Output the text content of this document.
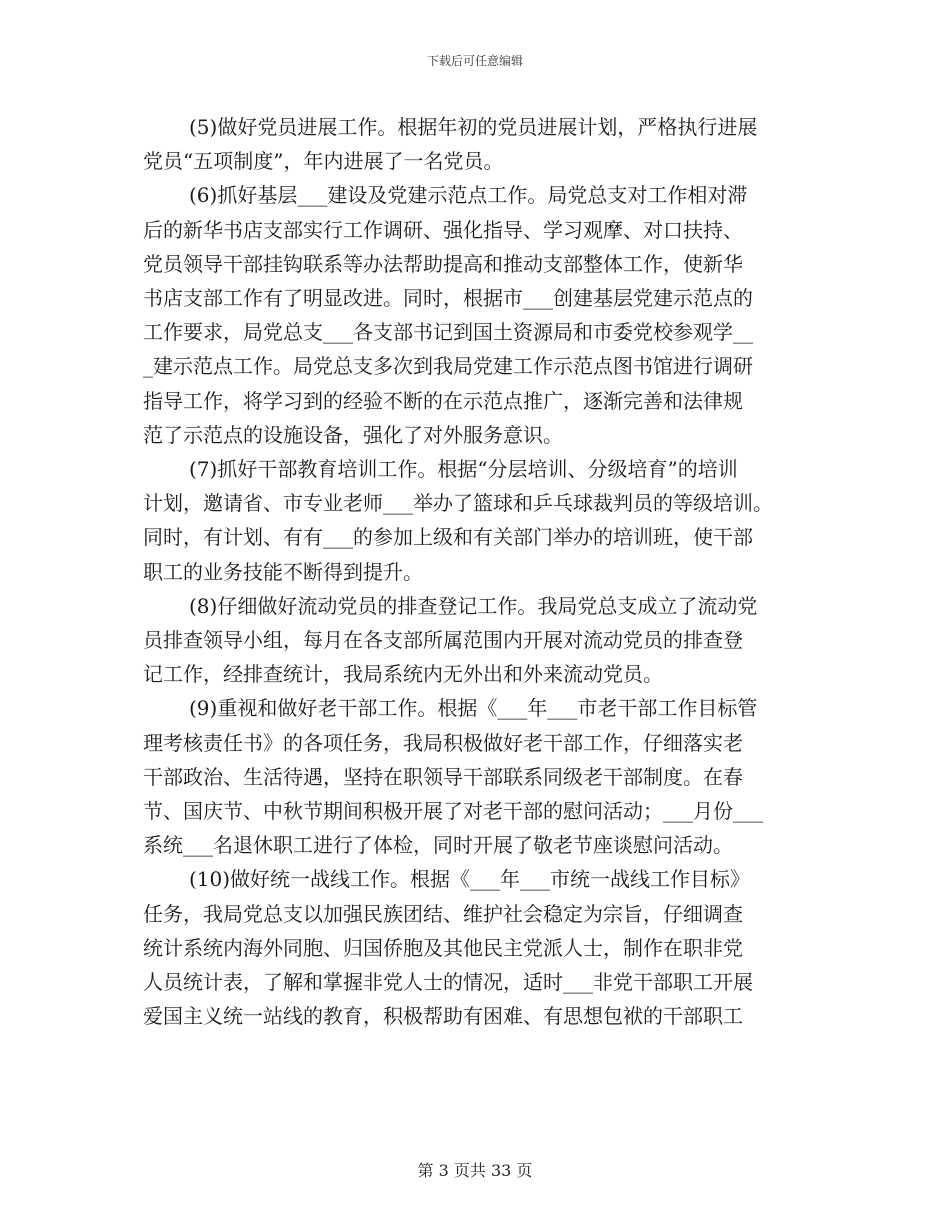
下载后可任意编辑
(5)做好党员进展工作。根据年初的党员进展计划，严格执行进展
党员“五项制度”，年内进展了一名党员。
(6)抓好基层___建设及党建示范点工作。局党总支对工作相对滞
后的新华书店支部实行工作调研、强化指导、学习观摩、对口扶持、
党员领导干部挂钩联系等办法帮助提高和推动支部整体工作，使新华
书店支部工作有了明显改进。同时，根据市___创建基层党建示范点的
工作要求，局党总支___各支部书记到国土资源局和市委党校参观学__
_建示范点工作。局党总支多次到我局党建工作示范点图书馆进行调研
指导工作，将学习到的经验不断的在示范点推广，逐渐完善和法律规
范了示范点的设施设备，强化了对外服务意识。
(7)抓好干部教育培训工作。根据“分层培训、分级培育”的培训
计划，邀请省、市专业老师___举办了篮球和乒乓球裁判员的等级培训。
同时，有计划、有有___的参加上级和有关部门举办的培训班，使干部
职工的业务技能不断得到提升。
(8)仔细做好流动党员的排查登记工作。我局党总支成立了流动党
员排查领导小组，每月在各支部所属范围内开展对流动党员的排查登
记工作，经排查统计，我局系统内无外出和外来流动党员。
(9)重视和做好老干部工作。根据《___年___市老干部工作目标管
理考核责任书》的各项任务，我局积极做好老干部工作，仔细落实老
干部政治、生活待遇，坚持在职领导干部联系同级老干部制度。在春
节、国庆节、中秋节期间积极开展了对老干部的慰问活动；___月份___
系统___名退休职工进行了体检，同时开展了敬老节座谈慰问活动。
(10)做好统一战线工作。根据《___年___市统一战线工作目标》
任务，我局党总支以加强民族团结、维护社会稳定为宗旨，仔细调查
统计系统内海外同胞、归国侨胞及其他民主党派人士，制作在职非党
人员统计表，了解和掌握非党人士的情况，适时___非党干部职工开展
爱国主义统一站线的教育，积极帮助有困难、有思想包袱的干部职工
第 3 页共 33 页
